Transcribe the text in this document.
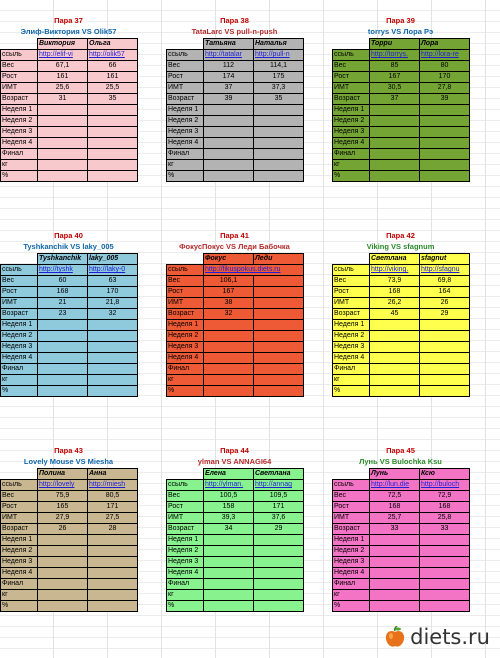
Пара 37
Элиф-Виктория VS Olik57
	Виктория	Ольга
ссыль	http://elif-vi	http://olik57
Вес	67,1	66
Рост	161	161
ИМТ	25,6	25,5
Возраст	31	35
Неделя 1		
Неделя 2		
Неделя 3		
Неделя 4		
Финал		
кг		
%		
Пара 38
TataLarc VS pull-n-push
	Татьяна	Наталья
ссыль	http://tatalar	http://pull-n
Вес	112	114,1
Рост	174	175
ИМТ	37	37,3
Возраст	39	35
Неделя 1		
Неделя 2		
Неделя 3		
Неделя 4		
Финал		
кг		
%		
Пара 39
torrys VS Лора Рэ
	Торри	Лора
ссыль	http://torrys.	http://lora-re
Вес	85	80
Рост	167	170
ИМТ	30,5	27,8
Возраст	37	39
Неделя 1		
Неделя 2		
Неделя 3		
Неделя 4		
Финал		
кг		
%		
Пара 40
Tyshkanchik VS laky_005
	Tyshkanchik	laky_005
ссыль	http://tyshk	http://laky-0
Вес	60	63
Рост	168	170
ИМТ	21	21,8
Возраст	23	32
Неделя 1		
Неделя 2		
Неделя 3		
Неделя 4		
Финал		
кг		
%		
Пара 41
ФокусПокус VS Леди Бабочка
	Фокус	Леди
ссыль	http://fikuspokus.diets.ru	
Вес	106,1	
Рост	167	
ИМТ	38	
Возраст	32	
Неделя 1		
Неделя 2		
Неделя 3		
Неделя 4		
Финал		
кг		
%		
Пара 42
Viking VS sfagnum
	Светлана	sfagnut
ссыль	http://viking.	http://sfagnu
Вес	73,9	69,8
Рост	168	164
ИМТ	26,2	26
Возраст	45	29
Неделя 1		
Неделя 2		
Неделя 3		
Неделя 4		
Финал		
кг		
%		
Пара 43
Lovely Mouse VS Miesha
	Полина	Анна
ссыль	http://lovely	http://miesh
Вес	75,9	80,5
Рост	165	171
ИМТ	27,9	27,5
Возраст	26	28
Неделя 1		
Неделя 2		
Неделя 3		
Неделя 4		
Финал		
кг		
%		
Пара 44
ylman VS ANNAGI64
	Елена	Светлана
ссыль	http://ylman.	http://annag
Вес	100,5	109,5
Рост	158	171
ИМТ	39,3	37,6
Возраст	34	29
Неделя 1		
Неделя 2		
Неделя 3		
Неделя 4		
Финал		
кг		
%		
Пара 45
Лунь VS Bulochka Ksu
	Лунь	Ксю
ссыль	http://lun.die	http://buloch
Вес	72,5	72,9
Рост	168	168
ИМТ	25,7	25,8
Возраст	33	33
Неделя 1		
Неделя 2		
Неделя 3		
Неделя 4		
Финал		
кг		
%		
diets.ru
